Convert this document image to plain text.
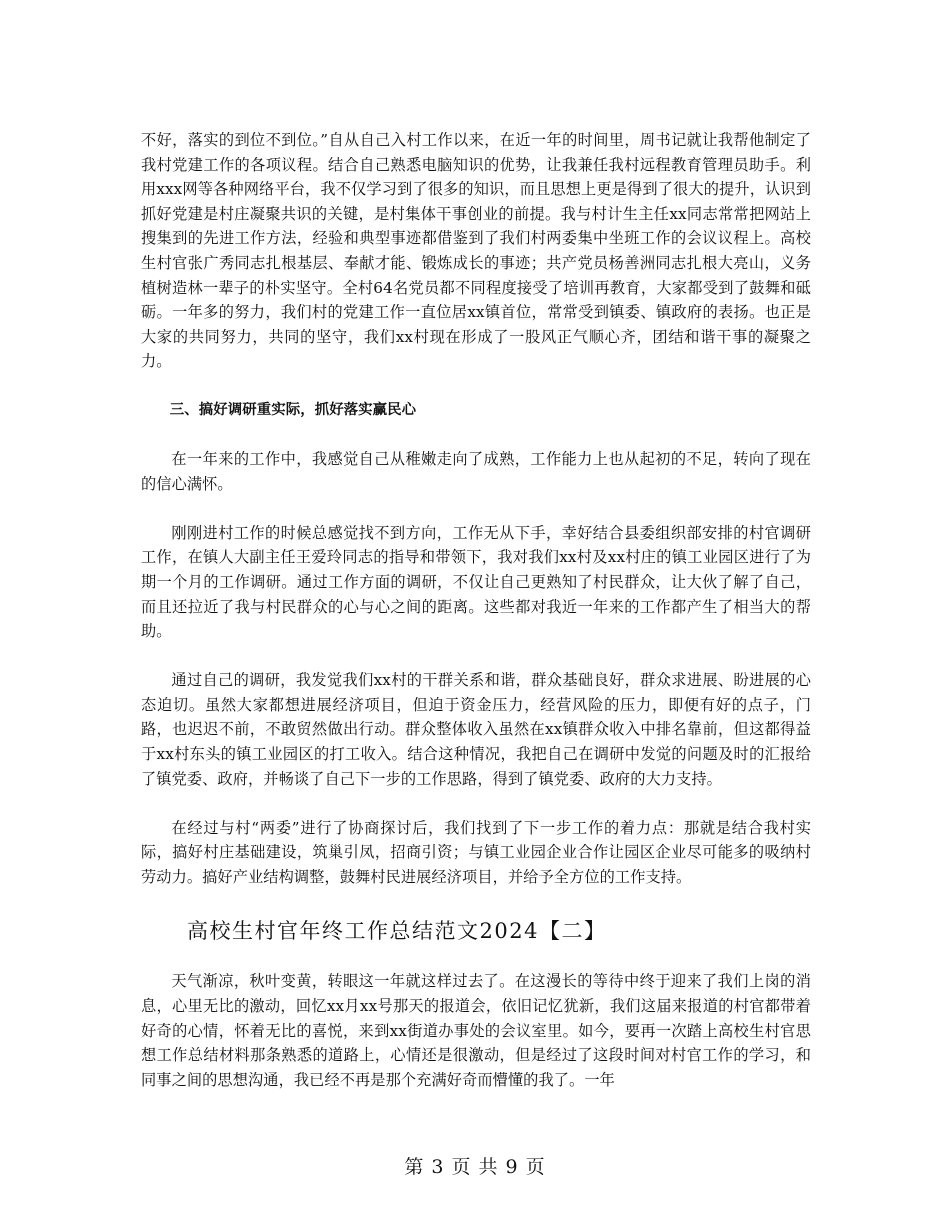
不好，落实的到位不到位。”自从自己入村工作以来，在近一年的时间里，周书记就让我帮他制定了我村党建工作的各项议程。结合自己熟悉电脑知识的优势，让我兼任我村远程教育管理员助手。利用xxx网等各种网络平台，我不仅学习到了很多的知识，而且思想上更是得到了很大的提升，认识到抓好党建是村庄凝聚共识的关键，是村集体干事创业的前提。我与村计生主任xx同志常常把网站上搜集到的先进工作方法，经验和典型事迹都借鉴到了我们村两委集中坐班工作的会议议程上。高校生村官张广秀同志扎根基层、奉献才能、锻炼成长的事迹；共产党员杨善洲同志扎根大亮山，义务植树造林一辈子的朴实坚守。全村64名党员都不同程度接受了培训再教育，大家都受到了鼓舞和砥砺。一年多的努力，我们村的党建工作一直位居xx镇首位，常常受到镇委、镇政府的表扬。也正是大家的共同努力，共同的坚守，我们xx村现在形成了一股风正气顺心齐，团结和谐干事的凝聚之力。

三、搞好调研重实际，抓好落实赢民心

在一年来的工作中，我感觉自己从稚嫩走向了成熟，工作能力上也从起初的不足，转向了现在的信心满怀。

刚刚进村工作的时候总感觉找不到方向，工作无从下手，幸好结合县委组织部安排的村官调研工作，在镇人大副主任王爱玲同志的指导和带领下，我对我们xx村及xx村庄的镇工业园区进行了为期一个月的工作调研。通过工作方面的调研，不仅让自己更熟知了村民群众，让大伙了解了自己，而且还拉近了我与村民群众的心与心之间的距离。这些都对我近一年来的工作都产生了相当大的帮助。

通过自己的调研，我发觉我们xx村的干群关系和谐，群众基础良好，群众求进展、盼进展的心态迫切。虽然大家都想进展经济项目，但迫于资金压力，经营风险的压力，即便有好的点子，门路，也迟迟不前，不敢贸然做出行动。群众整体收入虽然在xx镇群众收入中排名靠前，但这都得益于xx村东头的镇工业园区的打工收入。结合这种情况，我把自己在调研中发觉的问题及时的汇报给了镇党委、政府，并畅谈了自己下一步的工作思路，得到了镇党委、政府的大力支持。

在经过与村“两委”进行了协商探讨后，我们找到了下一步工作的着力点：那就是结合我村实际，搞好村庄基础建设，筑巢引凤，招商引资；与镇工业园企业合作让园区企业尽可能多的吸纳村劳动力。搞好产业结构调整，鼓舞村民进展经济项目，并给予全方位的工作支持。

高校生村官年终工作总结范文2024【二】

天气渐凉，秋叶变黄，转眼这一年就这样过去了。在这漫长的等待中终于迎来了我们上岗的消息，心里无比的激动，回忆xx月xx号那天的报道会，依旧记忆犹新，我们这届来报道的村官都带着好奇的心情，怀着无比的喜悦，来到xx街道办事处的会议室里。如今，要再一次踏上高校生村官思想工作总结材料那条熟悉的道路上，心情还是很激动，但是经过了这段时间对村官工作的学习，和同事之间的思想沟通，我已经不再是那个充满好奇而懵懂的我了。一年

第 3 页 共 9 页
